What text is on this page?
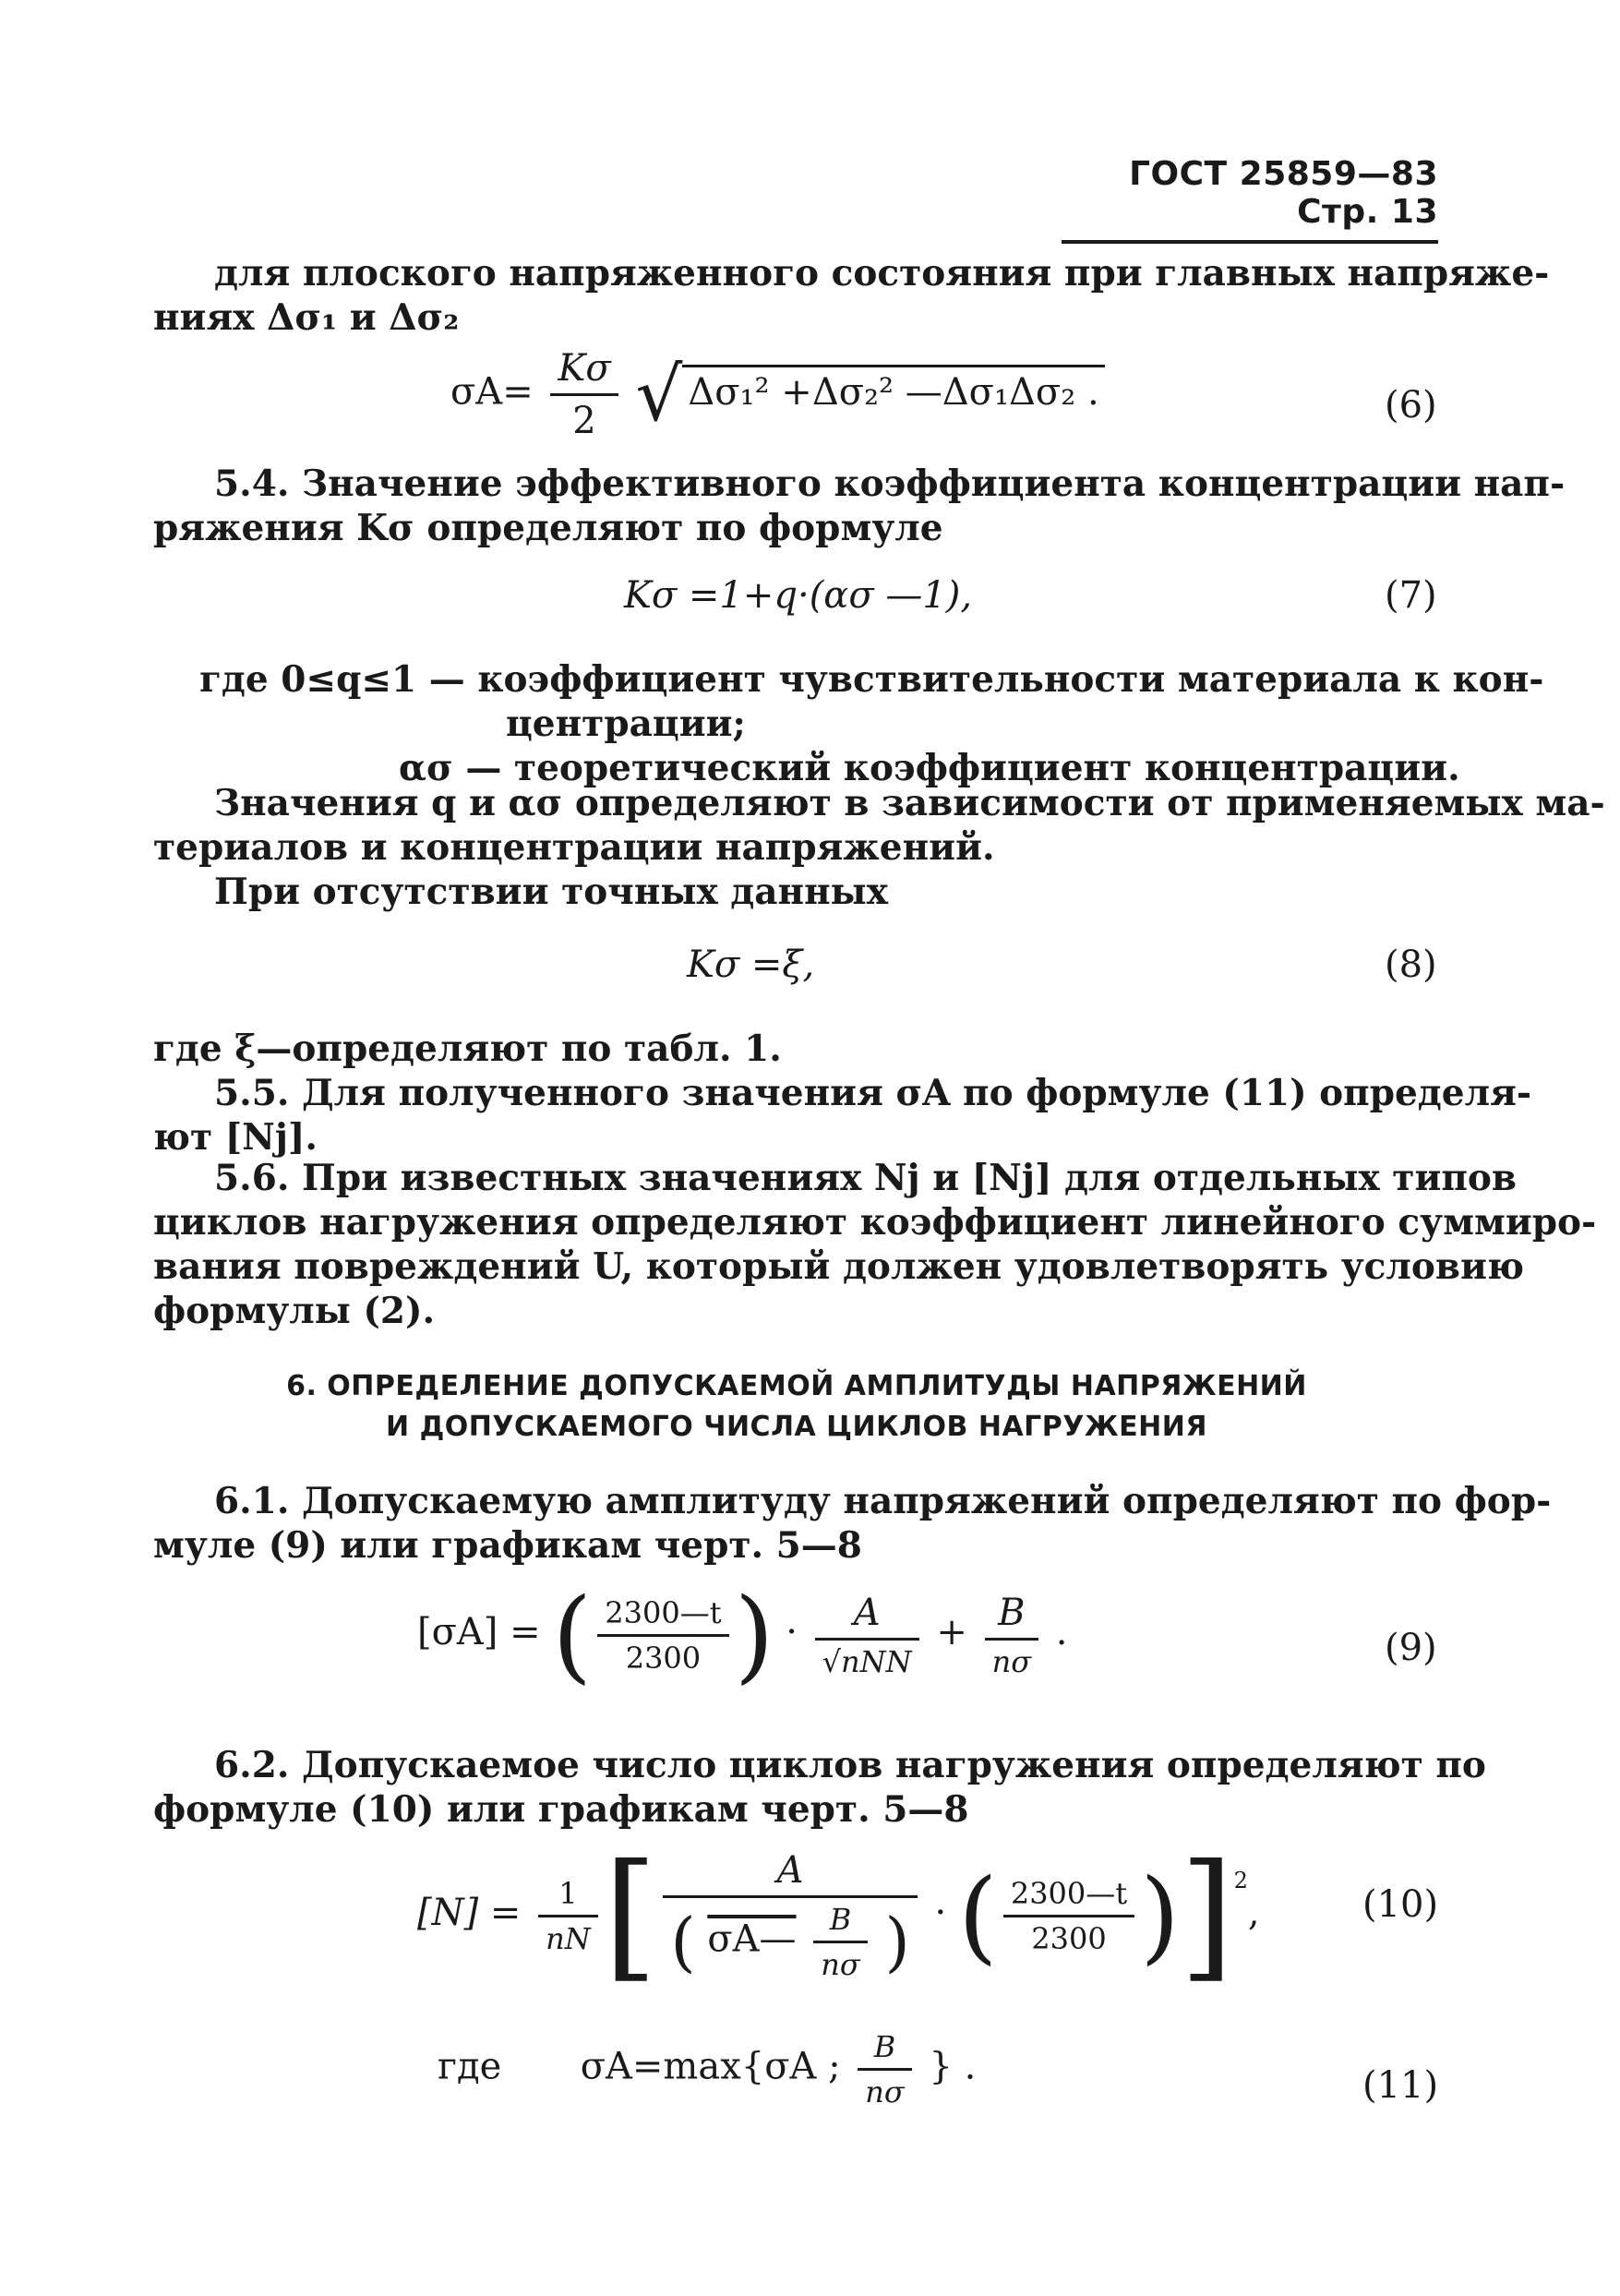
ГОСТ 25859—83 Стр. 13
для плоского напряженного состояния при главных напряже-
ниях Δσ₁ и Δσ₂
$\sigma A= \frac{K\sigma}{2}$ √ Δσ₁² +Δσ₂² —Δσ₁Δσ₂ .	(6)
5.4. Значение эффективного коэффициента концентрации нап-
ряжения Kσ определяют по формуле
Kσ =1+q·(ασ —1),	(7)
где 0≤q≤1 — коэффициент чувствительности материала к кон-
центрации;
ασ — теоретический коэффициент концентрации.
Значения q и ασ определяют в зависимости от применяемых ма-
териалов и концентрации напряжений.
При отсутствии точных данных
Kσ =ξ,	(8)
где ξ—определяют по табл. 1.
5.5. Для полученного значения σA по формуле (11) определя-
ют [Nj].
5.6. При известных значениях Nj и [Nj] для отдельных типов
циклов нагружения определяют коэффициент линейного суммиро-
вания повреждений U, который должен удовлетворять условию
формулы (2).
6. ОПРЕДЕЛЕНИЕ ДОПУСКАЕМОЙ АМПЛИТУДЫ НАПРЯЖЕНИЙ
И ДОПУСКАЕМОГО ЧИСЛА ЦИКЛОВ НАГРУЖЕНИЯ
6.1. Допускаемую амплитуду напряжений определяют по фор-
муле (9) или графикам черт. 5—8
[σA] = ( $\frac{2300—t}{2300}$ ) · $\frac{A}{\text{√nNN}} + \frac{B}{n\sigma}$ .	(9)
6.2. Допускаемое число циклов нагружения определяют по
формуле (10) или графикам черт. 5—8
$[N] = \frac{1}{nN}$ [	A
( σA— $\frac{B}{n\sigma}$ ) · ( $\frac{2300—t}{2300} )]^2$,	(10)
где σA=max{σA ; $\frac{B}{n\sigma}$ } .	(11)
